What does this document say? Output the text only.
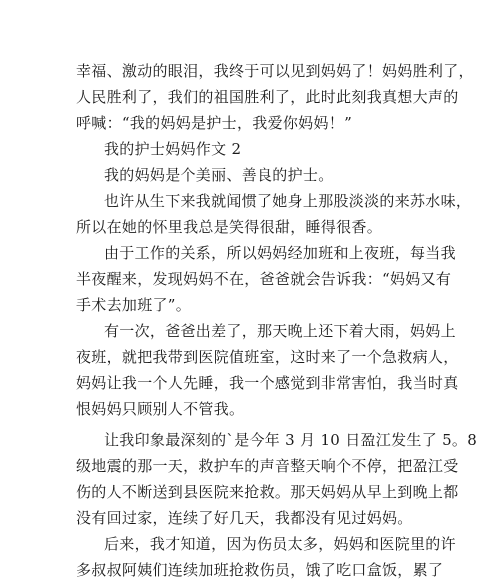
幸福、激动的眼泪，我终于可以见到妈妈了！妈妈胜利了，

人民胜利了，我们的祖国胜利了，此时此刻我真想大声的

呼喊：“我的妈妈是护士，我爱你妈妈！”

我的护士妈妈作文 2

我的妈妈是个美丽、善良的护士。

也许从生下来我就闻惯了她身上那股淡淡的来苏水味，

所以在她的怀里我总是笑得很甜，睡得很香。

由于工作的关系，所以妈妈经加班和上夜班，每当我

半夜醒来，发现妈妈不在，爸爸就会告诉我：“妈妈又有

手术去加班了”。

有一次，爸爸出差了，那天晚上还下着大雨，妈妈上

夜班，就把我带到医院值班室，这时来了一个急救病人，

妈妈让我一个人先睡，我一个感觉到非常害怕，我当时真

恨妈妈只顾别人不管我。

让我印象最深刻的`是今年 3 月 10 日盈江发生了 5。8

级地震的那一天，救护车的声音整天响个不停，把盈江受

伤的人不断送到县医院来抢救。那天妈妈从早上到晚上都

没有回过家，连续了好几天，我都没有见过妈妈。

后来，我才知道，因为伤员太多，妈妈和医院里的许

多叔叔阿姨们连续加班抢救伤员，饿了吃口盒饭，累了
